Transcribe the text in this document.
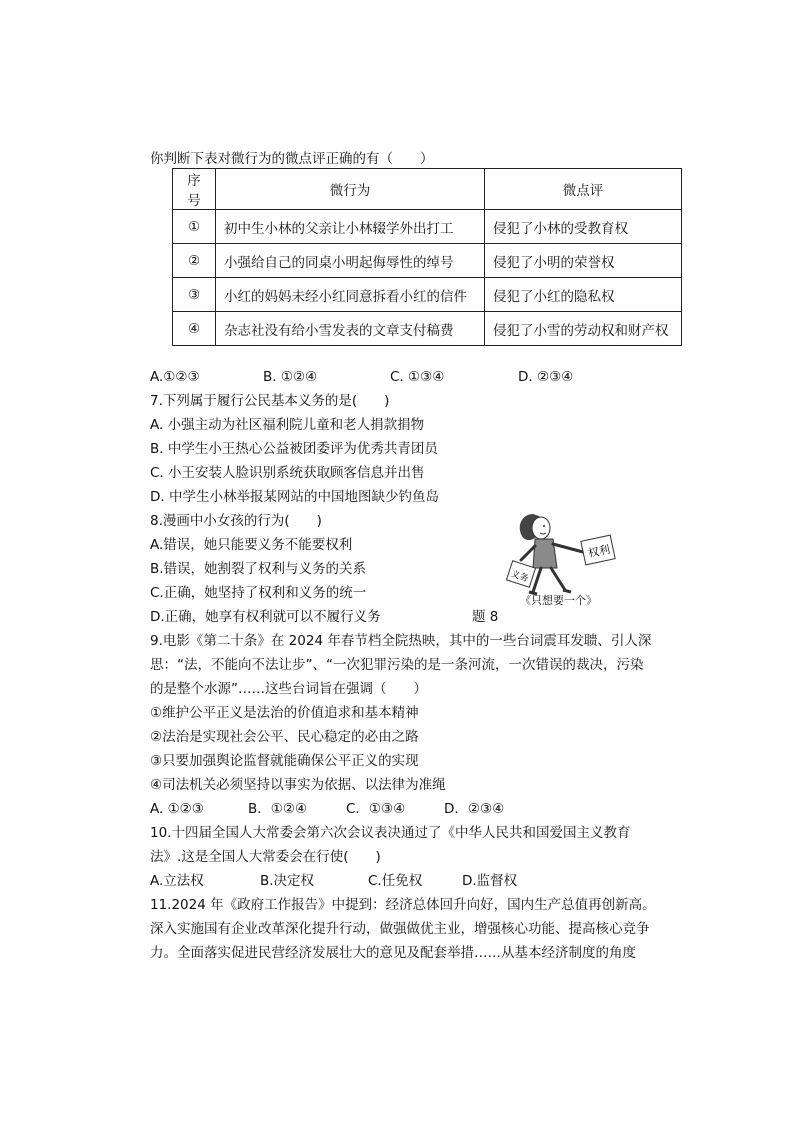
你判断下表对微行为的微点评正确的有（　　）
序号	微行为	微点评
①	初中生小林的父亲让小林辍学外出打工	侵犯了小林的受教育权
②	小强给自己的同桌小明起侮辱性的绰号	侵犯了小明的荣誉权
③	小红的妈妈未经小红同意拆看小红的信件	侵犯了小红的隐私权
④	杂志社没有给小雪发表的文章支付稿费	侵犯了小雪的劳动权和财产权
A.①②③	B. ①②④	C. ①③④	D. ②③④
7.下列属于履行公民基本义务的是(　　)
A. 小强主动为社区福利院儿童和老人捐款捐物
B. 中学生小王热心公益被团委评为优秀共青团员
C. 小王安装人脸识别系统获取顾客信息并出售
D. 中学生小林举报某网站的中国地图缺少钓鱼岛
8.漫画中小女孩的行为(　　)
A.错误，她只能要义务不能要权利
B.错误，她割裂了权利与义务的关系
C.正确，她坚持了权利和义务的统一
D.正确，她享有权利就可以不履行义务	题 8
权利
义务
《只想要一个》
9.电影《第二十条》在 2024 年春节档全院热映，其中的一些台词震耳发聩、引人深
思：“法，不能向不法让步”、“一次犯罪污染的是一条河流，一次错误的裁决，污染
的是整个水源”……这些台词旨在强调（　　）
①维护公平正义是法治的价值追求和基本精神
②法治是实现社会公平、民心稳定的必由之路
③只要加强舆论监督就能确保公平正义的实现
④司法机关必须坚持以事实为依据、以法律为准绳
A. ①②③	B．①②④	C．①③④	D．②③④
10.十四届全国人大常委会第六次会议表决通过了《中华人民共和国爱国主义教育
法》.这是全国人大常委会在行使(　　)
A.立法权	B.决定权	C.任免权	D.监督权
11.2024 年《政府工作报告》中提到：经济总体回升向好，国内生产总值再创新高。
深入实施国有企业改革深化提升行动，做强做优主业，增强核心功能、提高核心竞争
力。全面落实促进民营经济发展壮大的意见及配套举措……从基本经济制度的角度
